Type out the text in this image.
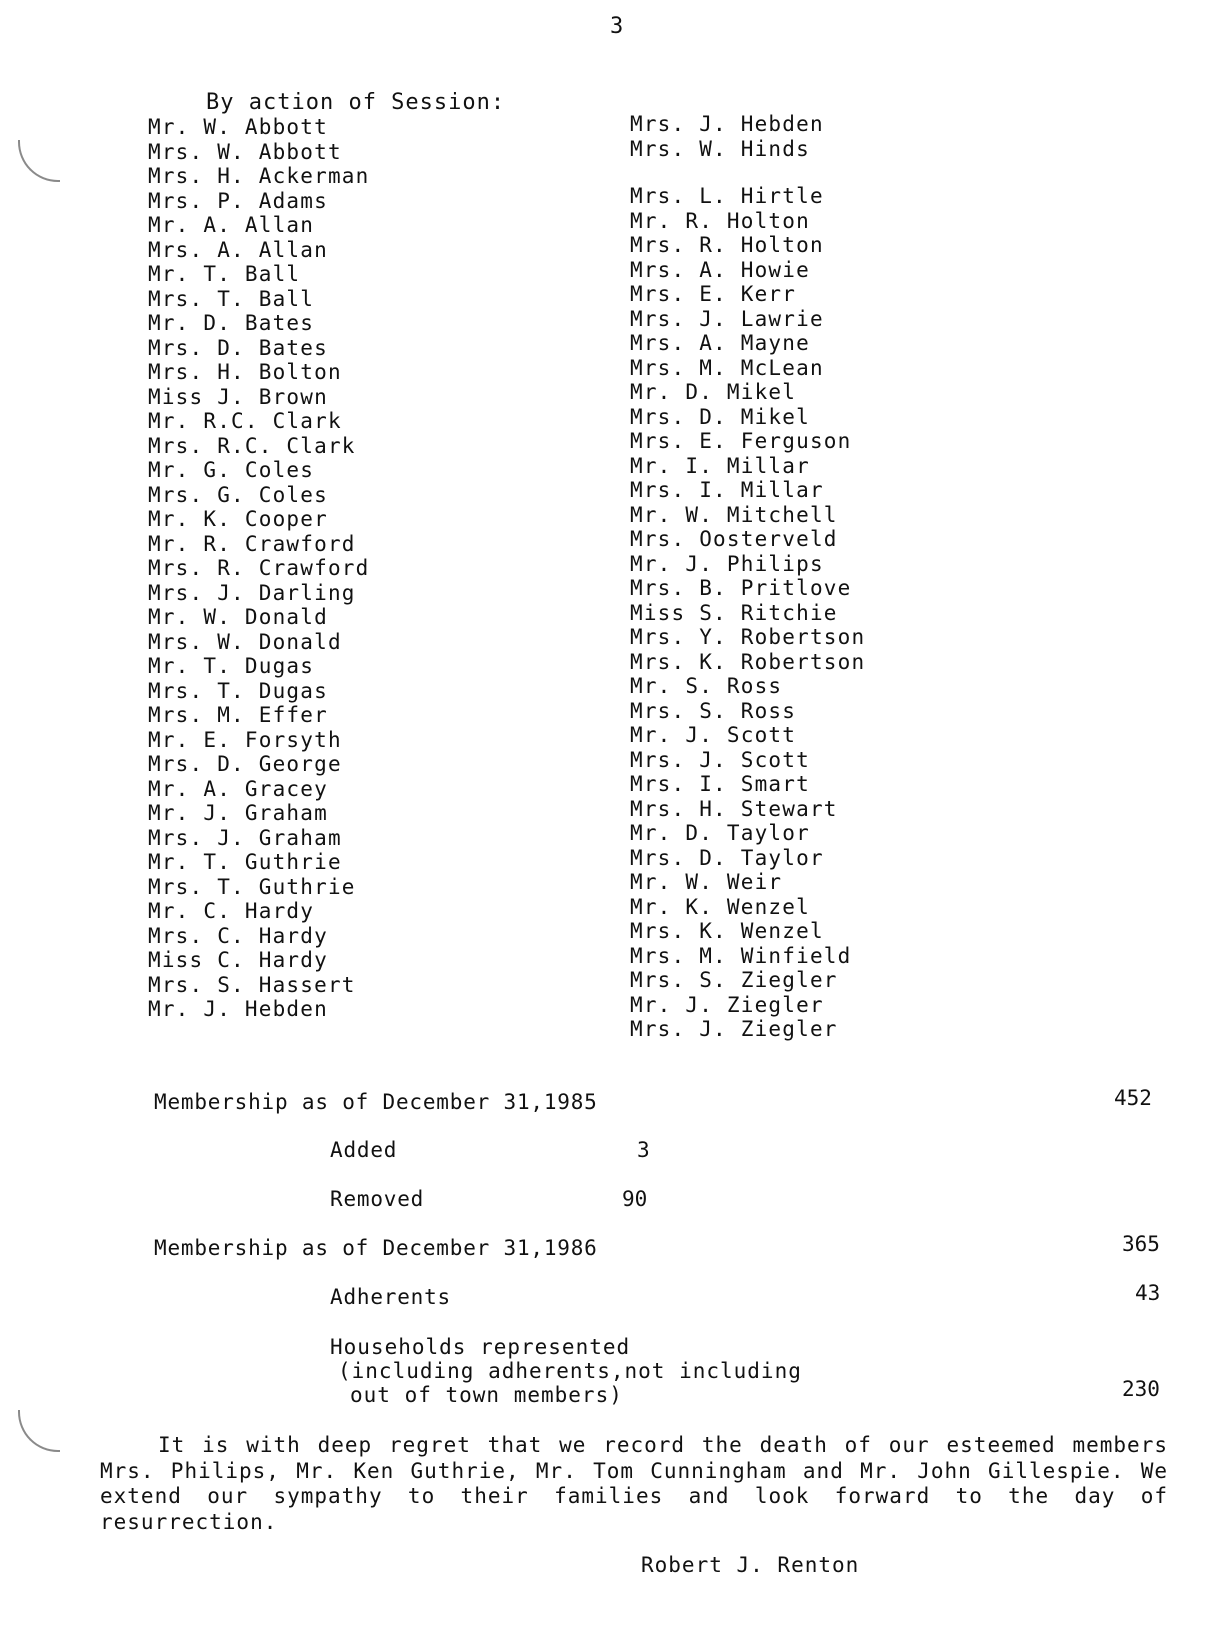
3
By action of Session:
Mr. W. Abbott
Mrs. W. Abbott
Mrs. H. Ackerman
Mrs. P. Adams
Mr. A. Allan
Mrs. A. Allan
Mr. T. Ball
Mrs. T. Ball
Mr. D. Bates
Mrs. D. Bates
Mrs. H. Bolton
Miss J. Brown
Mr. R.C. Clark
Mrs. R.C. Clark
Mr. G. Coles
Mrs. G. Coles
Mr. K. Cooper
Mr. R. Crawford
Mrs. R. Crawford
Mrs. J. Darling
Mr. W. Donald
Mrs. W. Donald
Mr. T. Dugas
Mrs. T. Dugas
Mrs. M. Effer
Mr. E. Forsyth
Mrs. D. George
Mr. A. Gracey
Mr. J. Graham
Mrs. J. Graham
Mr. T. Guthrie
Mrs. T. Guthrie
Mr. C. Hardy
Mrs. C. Hardy
Miss C. Hardy
Mrs. S. Hassert
Mr. J. Hebden
Mrs. J. Hebden
Mrs. W. Hinds
Mrs. L. Hirtle
Mr. R. Holton
Mrs. R. Holton
Mrs. A. Howie
Mrs. E. Kerr
Mrs. J. Lawrie
Mrs. A. Mayne
Mrs. M. McLean
Mr. D. Mikel
Mrs. D. Mikel
Mrs. E. Ferguson
Mr. I. Millar
Mrs. I. Millar
Mr. W. Mitchell
Mrs. Oosterveld
Mr. J. Philips
Mrs. B. Pritlove
Miss S. Ritchie
Mrs. Y. Robertson
Mrs. K. Robertson
Mr. S. Ross
Mrs. S. Ross
Mr. J. Scott
Mrs. J. Scott
Mrs. I. Smart
Mrs. H. Stewart
Mr. D. Taylor
Mrs. D. Taylor
Mr. W. Weir
Mr. K. Wenzel
Mrs. K. Wenzel
Mrs. M. Winfield
Mrs. S. Ziegler
Mr. J. Ziegler
Mrs. J. Ziegler
Membership as of December 31,1985	452
Added	3
Removed	90
Membership as of December 31,1986	365
Adherents	43
Households represented
(including adherents,not including
out of town members)	230

It is with deep regret that we record the death of our esteemed members Mrs. Philips, Mr. Ken Guthrie, Mr. Tom Cunningham and Mr. John Gillespie. We extend our sympathy to their families and look forward to the day of resurrection.

Robert J. Renton
